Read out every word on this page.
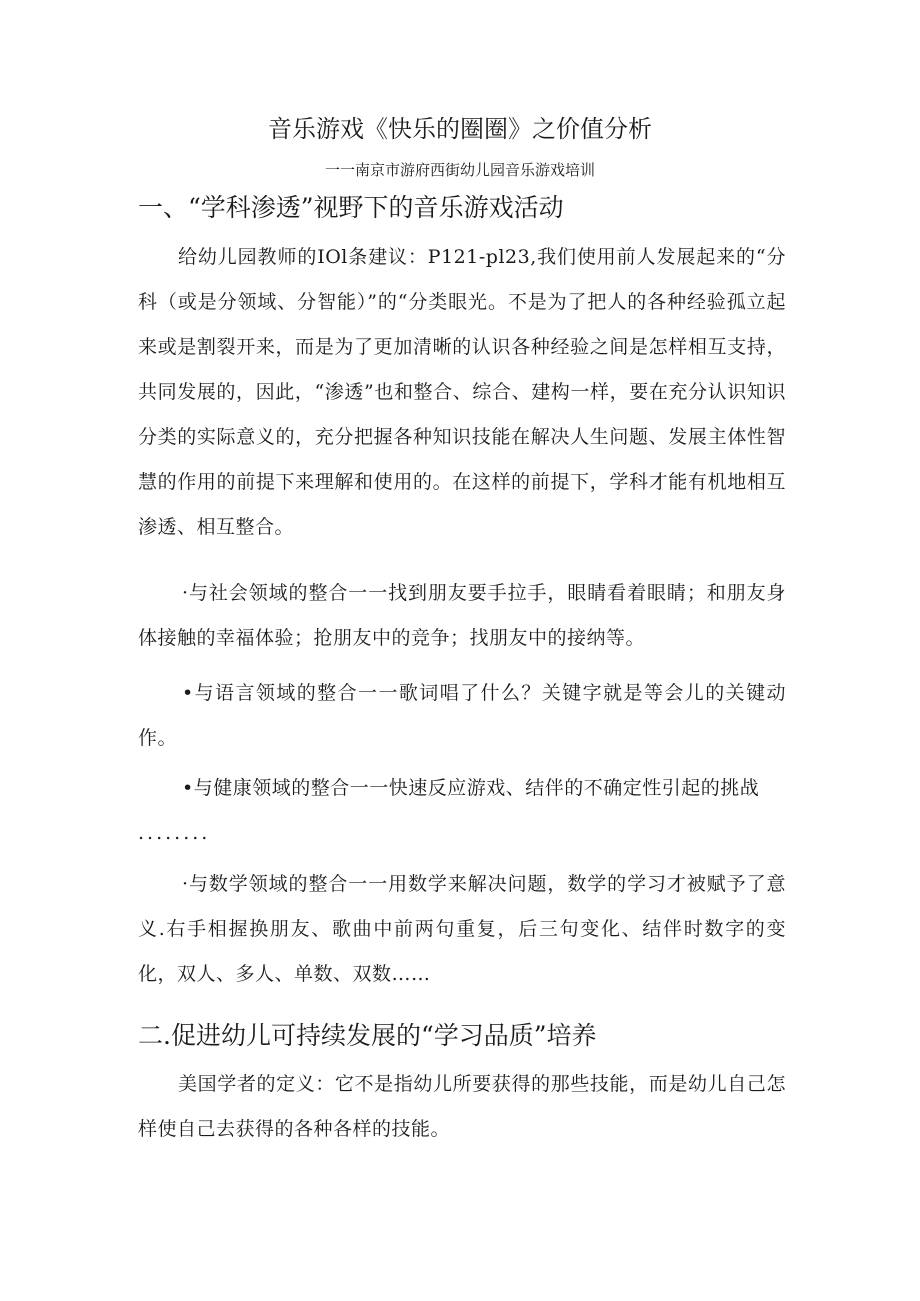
音乐游戏《快乐的圈圈》之价值分析
一一南京市游府西街幼儿园音乐游戏培训
一、“学科渗透”视野下的音乐游戏活动
给幼儿园教师的IOl条建议：P121-pl23,我们使用前人发展起来的“分科（或是分领域、分智能）”的“分类眼光。不是为了把人的各种经验孤立起来或是割裂开来，而是为了更加清晰的认识各种经验之间是怎样相互支持，共同发展的，因此，“渗透”也和整合、综合、建构一样，要在充分认识知识分类的实际意义的，充分把握各种知识技能在解决人生问题、发展主体性智慧的作用的前提下来理解和使用的。在这样的前提下，学科才能有机地相互渗透、相互整合。
·与社会领域的整合一一找到朋友要手拉手，眼睛看着眼睛；和朋友身体接触的幸福体验；抢朋友中的竞争；找朋友中的接纳等。
•与语言领域的整合一一歌词唱了什么？关键字就是等会儿的关键动作。
•与健康领域的整合一一快速反应游戏、结伴的不确定性引起的挑战
........
·与数学领域的整合一一用数学来解决问题，数学的学习才被赋予了意义.右手相握换朋友、歌曲中前两句重复，后三句变化、结伴时数字的变化，双人、多人、单数、双数……
二.促进幼儿可持续发展的“学习品质”培养
美国学者的定义：它不是指幼儿所要获得的那些技能，而是幼儿自己怎样使自己去获得的各种各样的技能。
